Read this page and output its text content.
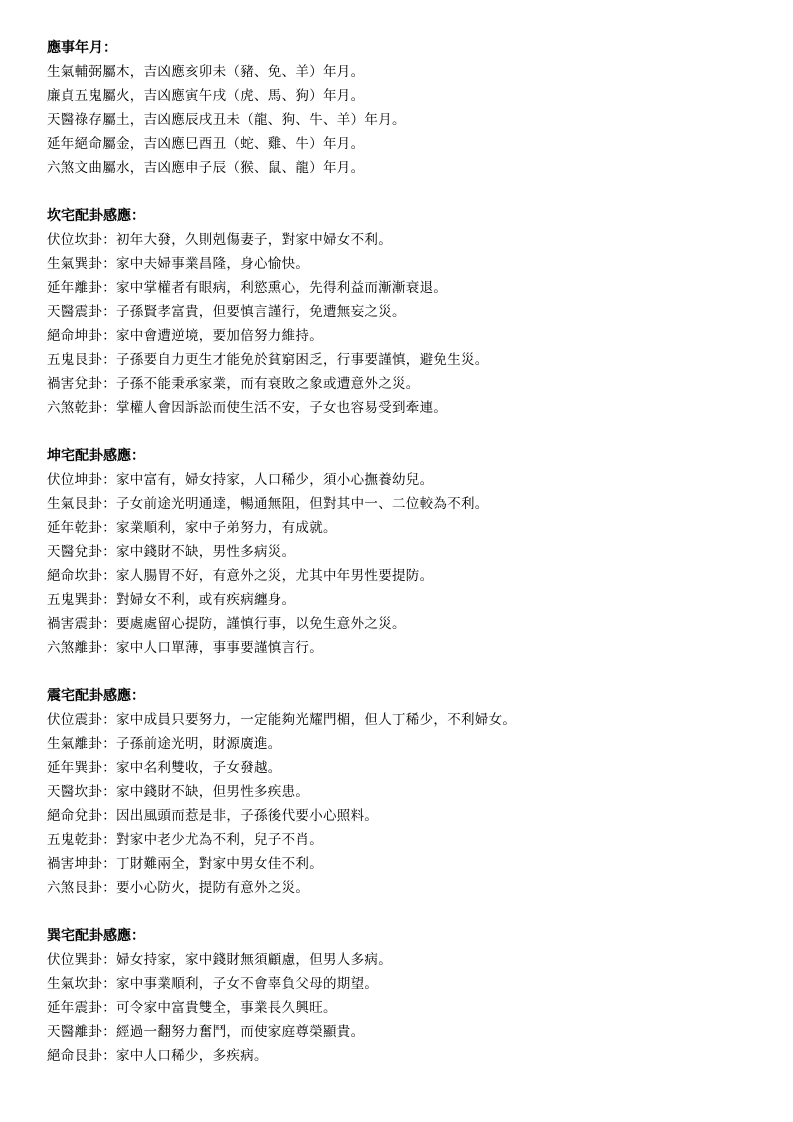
應事年月：
生氣輔弼屬木，吉凶應亥卯未（豬、免、羊）年月。
廉貞五鬼屬火，吉凶應寅午戌（虎、馬、狗）年月。
天醫祿存屬土，吉凶應辰戌丑未（龍、狗、牛、羊）年月。
延年絕命屬金，吉凶應巳酉丑（蛇、雞、牛）年月。
六煞文曲屬水，吉凶應申子辰（猴、鼠、龍）年月。
坎宅配卦感應：
伏位坎卦：初年大發，久則剋傷妻子，對家中婦女不利。
生氣巽卦：家中夫婦事業昌隆，身心愉快。
延年離卦：家中掌權者有眼病，利慾熏心，先得利益而漸漸衰退。
天醫震卦：子孫賢孝富貴，但要慎言謹行，免遭無妄之災。
絕命坤卦：家中會遭逆境，要加倍努力維持。
五鬼艮卦：子孫要自力更生才能免於貧窮困乏，行事要謹慎，避免生災。
禍害兌卦：子孫不能秉承家業，而有衰敗之象或遭意外之災。
六煞乾卦：掌權人會因訴訟而使生活不安，子女也容易受到牽連。
坤宅配卦感應：
伏位坤卦：家中富有，婦女持家，人口稀少，須小心撫養幼兒。
生氣艮卦：子女前途光明通達，暢通無阻，但對其中一、二位較為不利。
延年乾卦：家業順利，家中子弟努力，有成就。
天醫兌卦：家中錢財不缺，男性多病災。
絕命坎卦：家人腸胃不好，有意外之災，尤其中年男性要提防。
五鬼巽卦：對婦女不利，或有疾病纏身。
禍害震卦：要處處留心提防，謹慎行事，以免生意外之災。
六煞離卦：家中人口單薄，事事要謹慎言行。
震宅配卦感應：
伏位震卦：家中成員只要努力，一定能夠光耀門楣，但人丁稀少，不利婦女。
生氣離卦：子孫前途光明，財源廣進。
延年巽卦：家中名利雙收，子女發越。
天醫坎卦：家中錢財不缺，但男性多疾患。
絕命兌卦：因出風頭而惹是非，子孫後代要小心照料。
五鬼乾卦：對家中老少尤為不利，兒子不肖。
禍害坤卦：丁財難兩全，對家中男女佳不利。
六煞艮卦：要小心防火，提防有意外之災。
巽宅配卦感應：
伏位巽卦：婦女持家，家中錢財無須顧慮，但男人多病。
生氣坎卦：家中事業順利，子女不會辜負父母的期望。
延年震卦：可令家中富貴雙全，事業長久興旺。
天醫離卦：經過一翻努力奮鬥，而使家庭尊榮顯貴。
絕命艮卦：家中人口稀少，多疾病。
